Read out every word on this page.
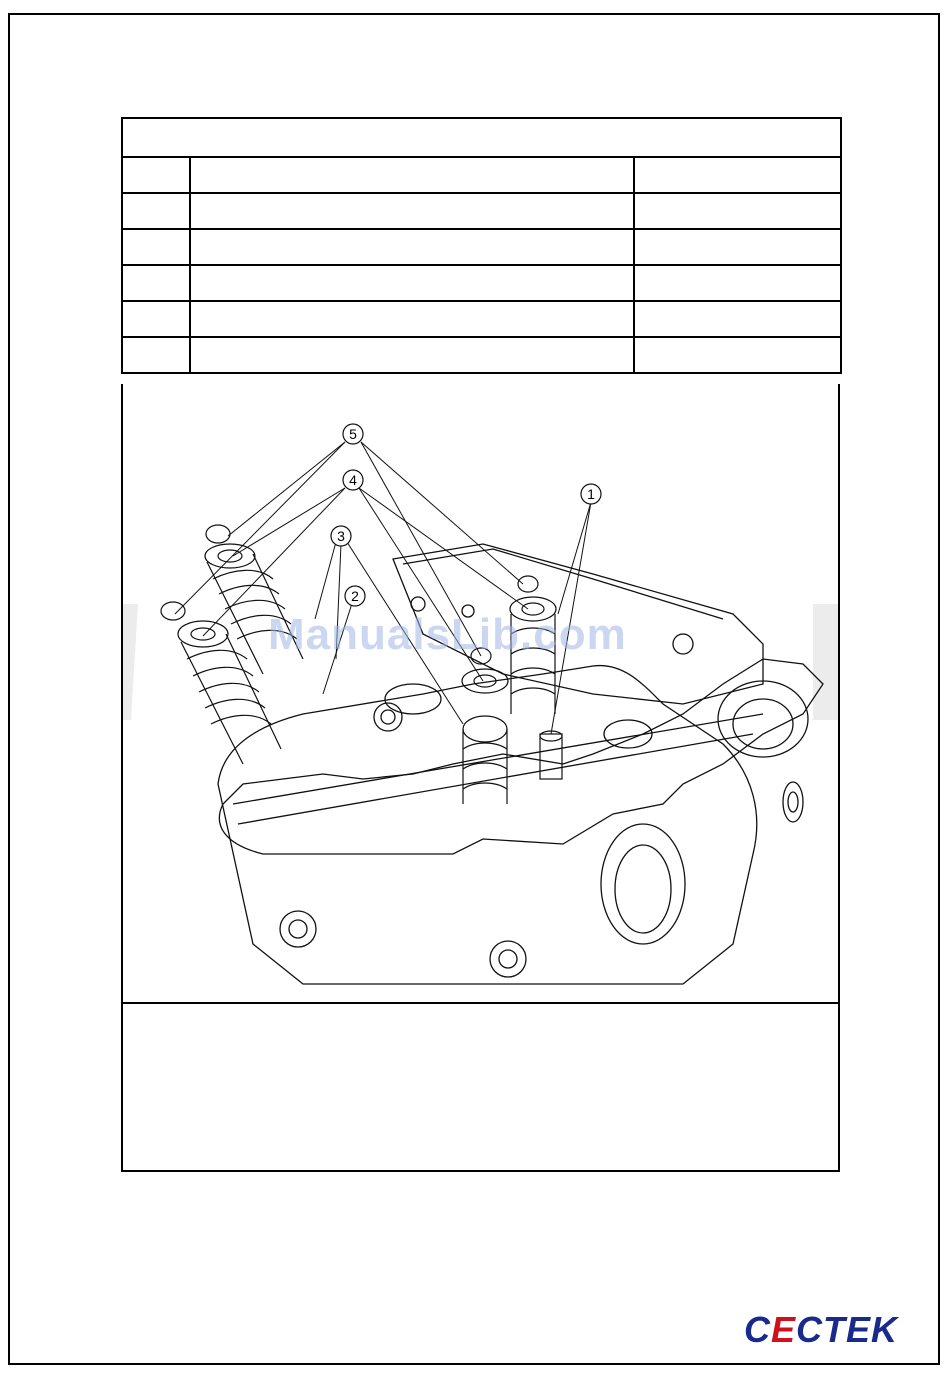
5
4
3
2
1
ManualsLib.com
CECTEK
